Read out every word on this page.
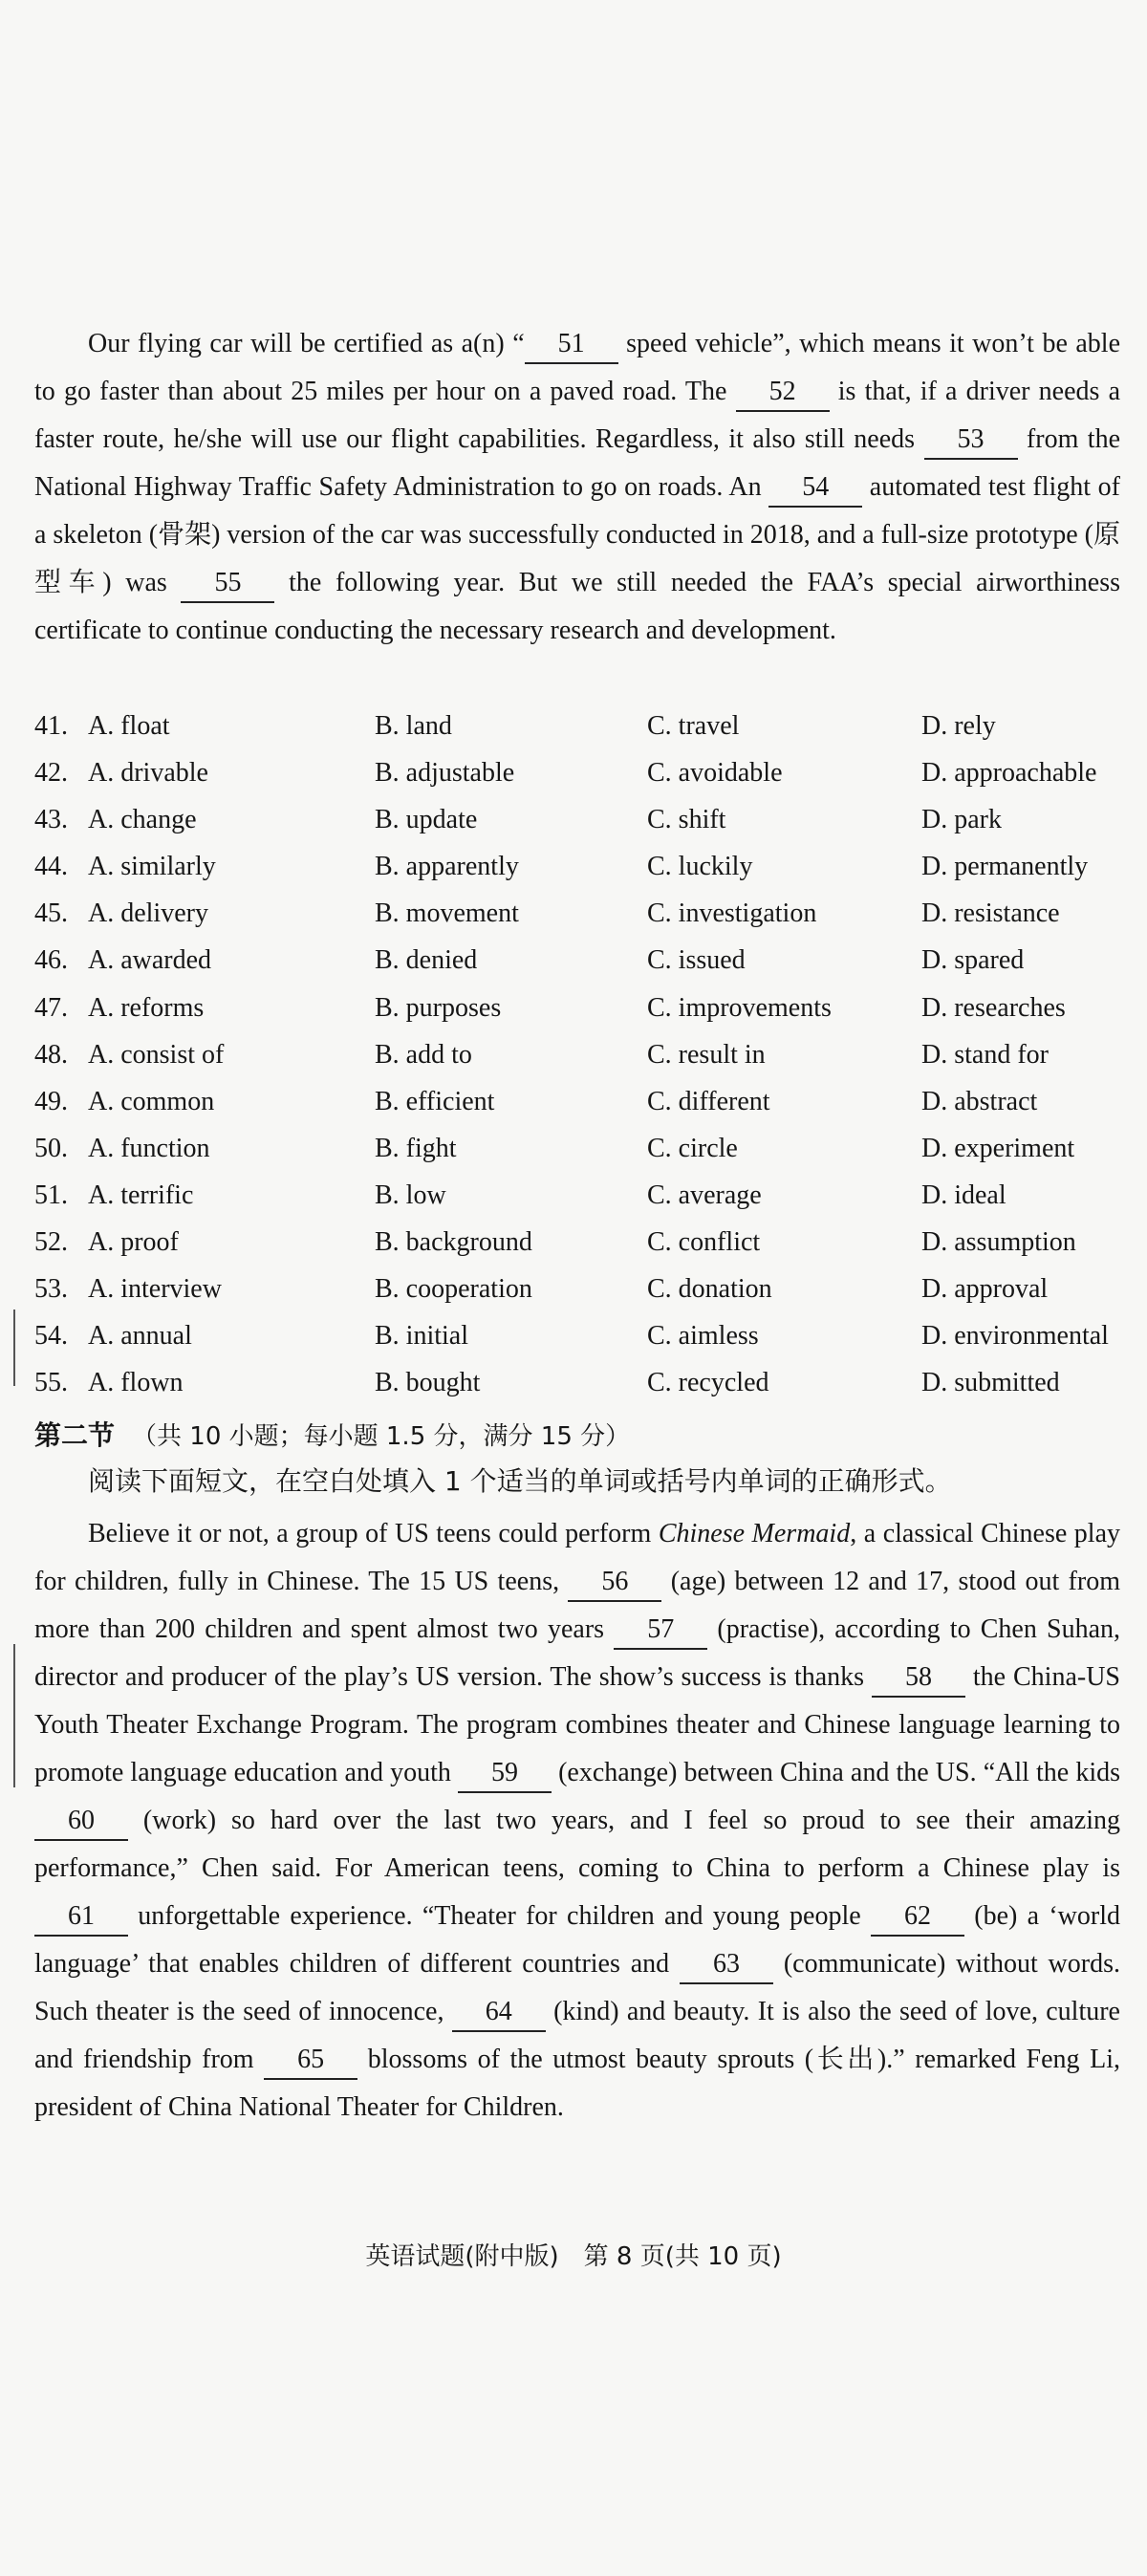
Our flying car will be certified as a(n) “ 51 speed vehicle”, which means it won’t be able to go faster than about 25 miles per hour on a paved road. The 52 is that, if a driver needs a faster route, he/she will use our flight capabilities. Regardless, it also still needs 53 from the National Highway Traffic Safety Administration to go on roads. An 54 automated test flight of a skeleton (骨架) version of the car was successfully conducted in 2018, and a full-size prototype (原型车) was 55 the following year. But we still needed the FAA’s special airworthiness certificate to continue conducting the necessary research and development.

41. A. float	B. land	C. travel	D. rely
42. A. drivable	B. adjustable	C. avoidable	D. approachable
43. A. change	B. update	C. shift	D. park
44. A. similarly	B. apparently	C. luckily	D. permanently
45. A. delivery	B. movement	C. investigation	D. resistance
46. A. awarded	B. denied	C. issued	D. spared
47. A. reforms	B. purposes	C. improvements	D. researches
48. A. consist of	B. add to	C. result in	D. stand for
49. A. common	B. efficient	C. different	D. abstract
50. A. function	B. fight	C. circle	D. experiment
51. A. terrific	B. low	C. average	D. ideal
52. A. proof	B. background	C. conflict	D. assumption
53. A. interview	B. cooperation	C. donation	D. approval
54. A. annual	B. initial	C. aimless	D. environmental
55. A. flown	B. bought	C. recycled	D. submitted
第二节 （共 10 小题；每小题 1.5 分，满分 15 分）
阅读下面短文，在空白处填入 1 个适当的单词或括号内单词的正确形式。

Believe it or not, a group of US teens could perform Chinese Mermaid, a classical Chinese play for children, fully in Chinese. The 15 US teens, 56 (age) between 12 and 17, stood out from more than 200 children and spent almost two years 57 (practise), according to Chen Suhan, director and producer of the play’s US version. The show’s success is thanks 58 the China-US Youth Theater Exchange Program. The program combines theater and Chinese language learning to promote language education and youth 59 (exchange) between China and the US. “All the kids 60 (work) so hard over the last two years, and I feel so proud to see their amazing performance,” Chen said. For American teens, coming to China to perform a Chinese play is 61 unforgettable experience. “Theater for children and young people 62 (be) a ‘world language’ that enables children of different countries and 63 (communicate) without words. Such theater is the seed of innocence, 64 (kind) and beauty. It is also the seed of love, culture and friendship from 65 blossoms of the utmost beauty sprouts (长出).” remarked Feng Li, president of China National Theater for Children.

英语试题(附中版)　第 8 页(共 10 页)
